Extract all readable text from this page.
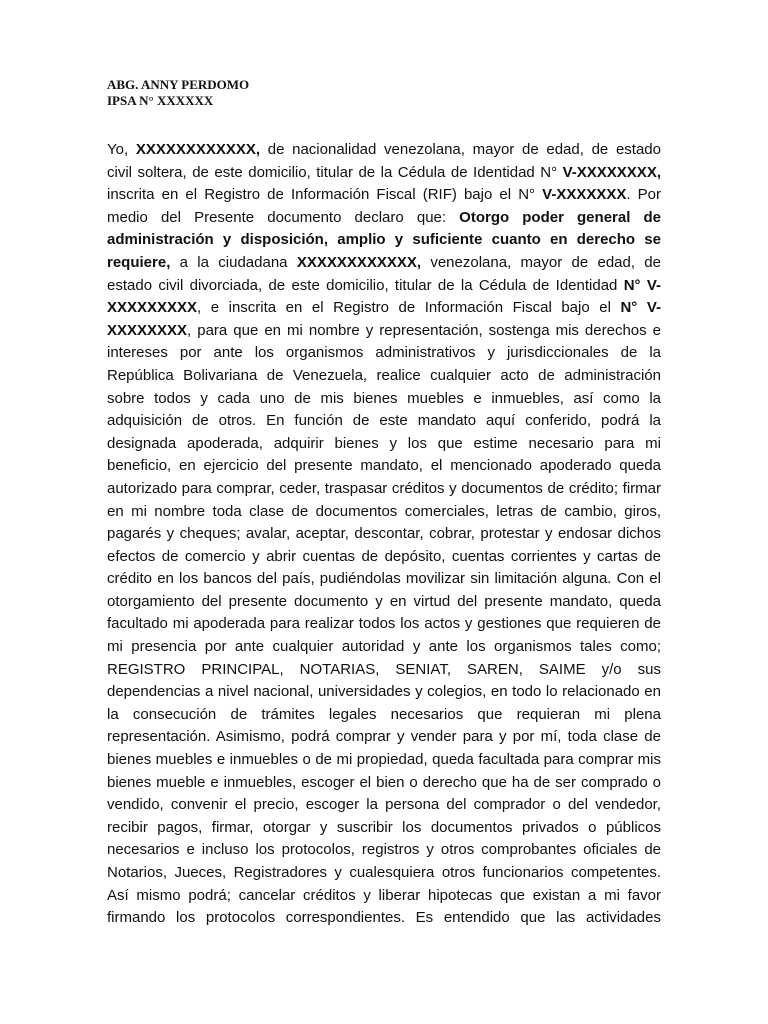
ABG. ANNY PERDOMO
IPSA N° XXXXXX
Yo, XXXXXXXXXXXX, de nacionalidad venezolana, mayor de edad, de estado
civil soltera, de este domicilio, titular de la Cédula de Identidad N° V-XXXXXXXX,
inscrita en el Registro de Información Fiscal (RIF) bajo el N° V-XXXXXXX. Por
medio del Presente documento declaro que: Otorgo poder general de
administración y disposición, amplio y suficiente cuanto en derecho se
requiere, a la ciudadana XXXXXXXXXXXX, venezolana, mayor de edad, de
estado civil divorciada, de este domicilio, titular de la Cédula de Identidad N° V-
XXXXXXXXX, e inscrita en el Registro de Información Fiscal bajo el N° V-
XXXXXXXX, para que en mi nombre y representación, sostenga mis derechos e
intereses por ante los organismos administrativos y jurisdiccionales de la
República Bolivariana de Venezuela, realice cualquier acto de administración
sobre todos y cada uno de mis bienes muebles e inmuebles, así como la
adquisición de otros. En función de este mandato aquí conferido, podrá la
designada apoderada, adquirir bienes y los que estime necesario para mi
beneficio, en ejercicio del presente mandato, el mencionado apoderado queda
autorizado para comprar, ceder, traspasar créditos y documentos de crédito; firmar
en mi nombre toda clase de documentos comerciales, letras de cambio, giros,
pagarés y cheques; avalar, aceptar, descontar, cobrar, protestar y endosar dichos
efectos de comercio y abrir cuentas de depósito, cuentas corrientes y cartas de
crédito en los bancos del país, pudiéndolas movilizar sin limitación alguna. Con el
otorgamiento del presente documento y en virtud del presente mandato, queda
facultado mi apoderada para realizar todos los actos y gestiones que requieren de
mi presencia por ante cualquier autoridad y ante los organismos tales como;
REGISTRO PRINCIPAL, NOTARIAS, SENIAT, SAREN, SAIME y/o sus
dependencias a nivel nacional, universidades y colegios, en todo lo relacionado en
la consecución de trámites legales necesarios que requieran mi plena
representación. Asimismo, podrá comprar y vender para y por mí, toda clase de
bienes muebles e inmuebles o de mi propiedad, queda facultada para comprar mis
bienes mueble e inmuebles, escoger el bien o derecho que ha de ser comprado o
vendido, convenir el precio, escoger la persona del comprador o del vendedor,
recibir pagos, firmar, otorgar y suscribir los documentos privados o públicos
necesarios e incluso los protocolos, registros y otros comprobantes oficiales de
Notarios, Jueces, Registradores y cualesquiera otros funcionarios competentes.
Así mismo podrá; cancelar créditos y liberar hipotecas que existan a mi favor
firmando los protocolos correspondientes. Es entendido que las actividades
